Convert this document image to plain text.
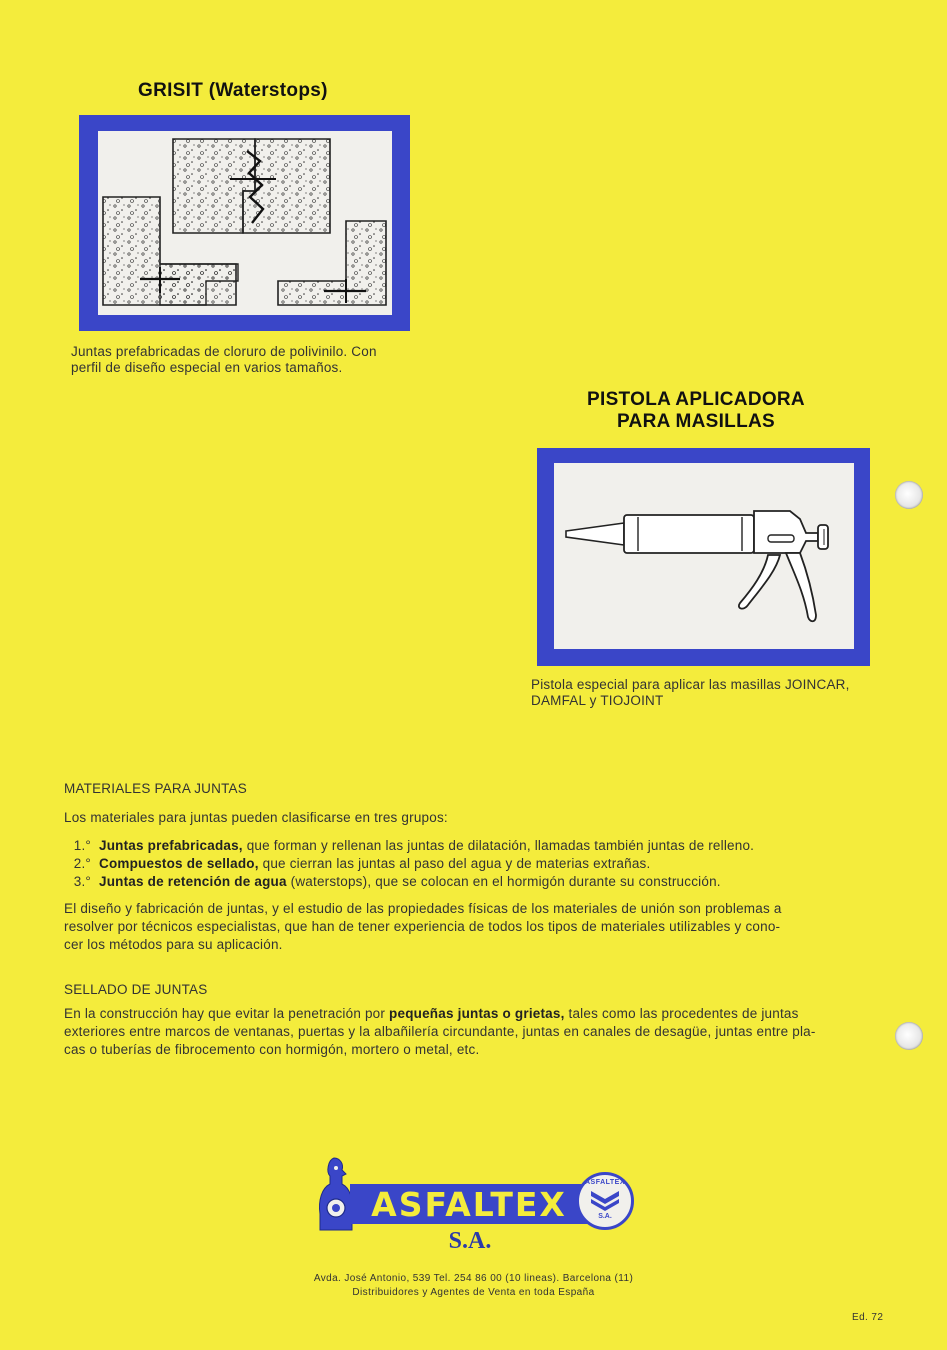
GRISIT (Waterstops)
Juntas prefabricadas de cloruro de polivinilo. Con
perfil de diseño especial en varios tamaños.
PISTOLA APLICADORA
PARA MASILLAS
Pistola especial para aplicar las masillas JOINCAR,
DAMFAL y TIOJOINT
MATERIALES PARA JUNTAS
Los materiales para juntas pueden clasificarse en tres grupos:
1.° Juntas prefabricadas, que forman y rellenan las juntas de dilatación, llamadas también juntas de relleno.
2.° Compuestos de sellado, que cierran las juntas al paso del agua y de materias extrañas.
3.° Juntas de retención de agua (waterstops), que se colocan en el hormigón durante su construcción.
El diseño y fabricación de juntas, y el estudio de las propiedades físicas de los materiales de unión son problemas a
resolver por técnicos especialistas, que han de tener experiencia de todos los tipos de materiales utilizables y cono-
cer los métodos para su aplicación.
SELLADO DE JUNTAS
En la construcción hay que evitar la penetración por pequeñas juntas o grietas, tales como las procedentes de juntas
exteriores entre marcos de ventanas, puertas y la albañilería circundante, juntas en canales de desagüe, juntas entre pla-
cas o tuberías de fibrocemento con hormigón, mortero o metal, etc.
ASFALTEX
ASFALTEX
S.A.
S.A.
Avda. José Antonio, 539 Tel. 254 86 00 (10 lineas). Barcelona (11)
Distribuidores y Agentes de Venta en toda España
Ed. 72
